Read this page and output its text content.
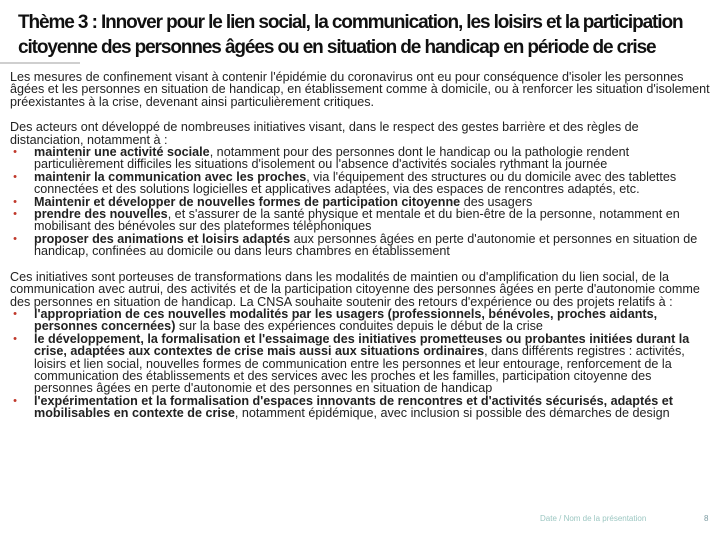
Thème 3 : Innover pour le lien social, la communication, les loisirs et la participation
citoyenne des personnes âgées ou en situation de handicap en période de crise

Les mesures de confinement visant à contenir l'épidémie du coronavirus ont eu pour conséquence d'isoler les personnes âgées et les personnes en situation de handicap, en établissement comme à domicile, ou à renforcer les situation d'isolement préexistantes à la crise, devenant ainsi particulièrement critiques.

Des acteurs ont développé de nombreuses initiatives visant, dans le respect des gestes barrière et des règles de distanciation, notamment à :
• maintenir une activité sociale, notamment pour des personnes dont le handicap ou la pathologie rendent particulièrement difficiles les situations d'isolement ou l'absence d'activités sociales rythmant la journée
• maintenir la communication avec les proches, via l'équipement des structures ou du domicile avec des tablettes connectées et des solutions logicielles et applicatives adaptées, via des espaces de rencontres adaptés, etc.
• Maintenir et développer de nouvelles formes de participation citoyenne des usagers
• prendre des nouvelles, et s'assurer de la santé physique et mentale et du bien-être de la personne, notamment en mobilisant des bénévoles sur des plateformes téléphoniques
• proposer des animations et loisirs adaptés aux personnes âgées en perte d'autonomie et personnes en situation de handicap, confinées au domicile ou dans leurs chambres en établissement
Ces initiatives sont porteuses de transformations dans les modalités de maintien ou d'amplification du lien social, de la communication avec autrui, des activités et de la participation citoyenne des personnes âgées en perte d'autonomie comme des personnes en situation de handicap. La CNSA souhaite soutenir des retours d'expérience ou des projets relatifs à :
• l'appropriation de ces nouvelles modalités par les usagers (professionnels, bénévoles, proches aidants, personnes concernées) sur la base des expériences conduites depuis le début de la crise
• le développement, la formalisation et l'essaimage des initiatives prometteuses ou probantes initiées durant la crise, adaptées aux contextes de crise mais aussi aux situations ordinaires, dans différents registres : activités, loisirs et lien social, nouvelles formes de communication entre les personnes et leur entourage, renforcement de la communication des établissements et des services avec les proches et les familles, participation citoyenne des personnes âgées en perte d'autonomie et des personnes en situation de handicap
• l'expérimentation et la formalisation d'espaces innovants de rencontres et d'activités sécurisés, adaptés et mobilisables en contexte de crise, notamment épidémique, avec inclusion si possible des démarches de design
Date / Nom de la présentation	8
